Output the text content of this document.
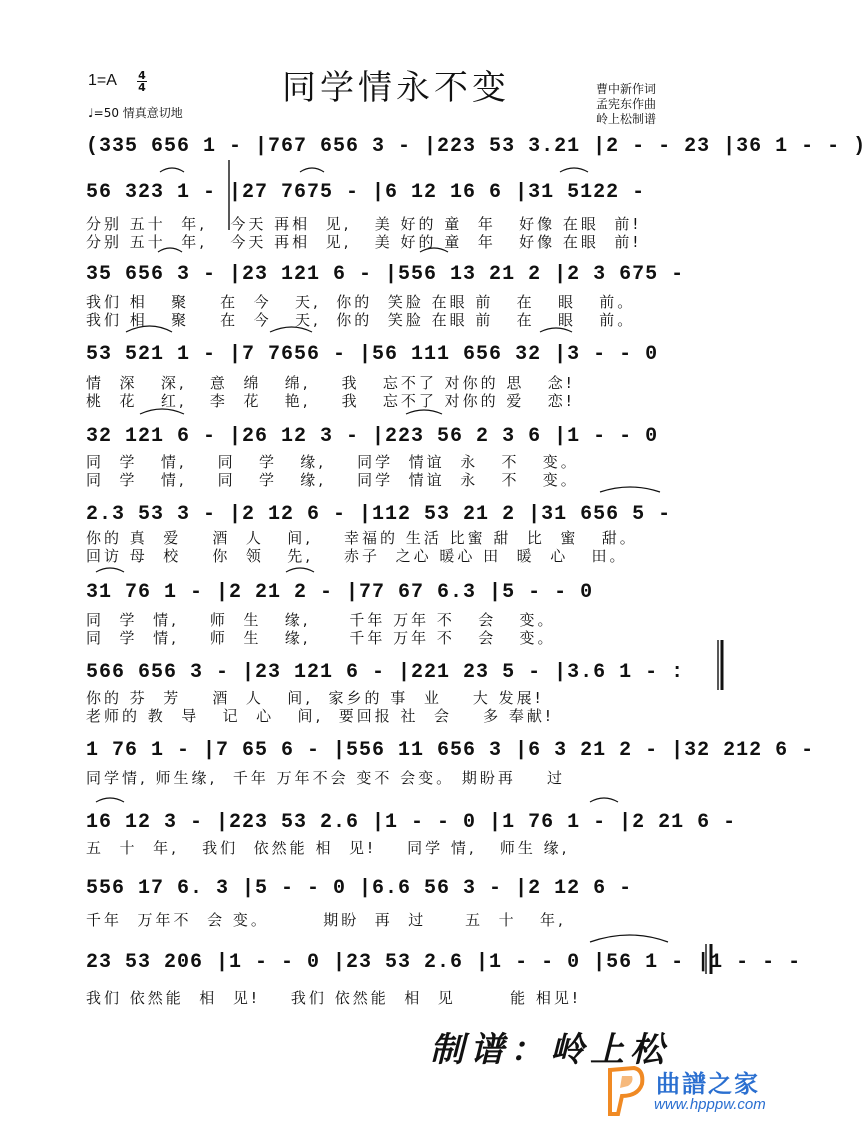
1=A 4
4	同学情永不变
♩=50 情真意切地
曹中新作词
孟宪东作曲
岭上松制谱
(335 656 1 - |767 656 3 - |223 53 3.21 |2 - - 23 |36 1 - - )
56 323 1 - |27 7675 - |6 12 16 6 |31 5122 -
分别 五十  年,   今天 再相  见,   美 好的 童  年   好像 在眼  前!
分别 五十  年,   今天 再相  见,   美 好的 童  年   好像 在眼  前!
35 656 3 - |23 121 6 - |556 13 21 2 |2 3 675 -
我们 相   聚    在  今   天,  你的  笑脸 在眼 前   在   眼   前。
我们 相   聚    在  今   天,  你的  笑脸 在眼 前   在   眼   前。
53 521 1 - |7 7656 - |56 111 656 32 |3 - - 0
情  深   深,   意  绵   绵,    我   忘不了 对你的 思   念!
桃  花   红,   李  花   艳,    我   忘不了 对你的 爱   恋!
32 121 6 - |26 12 3 - |223 56 2 3 6 |1 - - 0
同  学   情,    同   学   缘,    同学  情谊  永   不   变。
同  学   情,    同   学   缘,    同学  情谊  永   不   变。
2.3 53 3 - |2 12 6 - |112 53 21 2 |31 656 5 -
你的 真  爱    酒  人   间,    幸福的 生活 比蜜 甜  比  蜜   甜。
回访 母  校    你  领   先,    赤子  之心 暖心 田  暖  心   田。
31 76 1 - |2 21 2 - |77 67 6.3 |5 - - 0
同  学  情,    师  生   缘,     千年 万年 不   会   变。
同  学  情,    师  生   缘,     千年 万年 不   会   变。
566 656 3 - |23 121 6 - |221 23 5 - |3.6 1 - :
你的 芬  芳    酒  人   间,  家乡的 事  业    大 发展!
老师的 教  导   记  心   间,  要回报 社  会    多 奉献!
1 76 1 - |7 65 6 - |556 11 656 3 |6 3 21 2 - |32 212 6 -
同学情, 师生缘,  千年 万年不会 变不 会变。 期盼再    过
16 12 3 - |223 53 2.6 |1 - - 0 |1 76 1 - |2 21 6 -
五  十  年,   我们  依然能 相  见!    同学 情,   师生 缘,
556 17 6. 3 |5 - - 0 |6.6 56 3 - |2 12 6 -
千年  万年不  会 变。       期盼  再  过     五  十   年,
23 53 206 |1 - - 0 |23 53 2.6 |1 - - 0 |56 1 - |1 - - -
我们 依然能  相  见!    我们 依然能  相  见       能 相见!
制谱：岭上松
曲譜之家
www.hpppw.com
